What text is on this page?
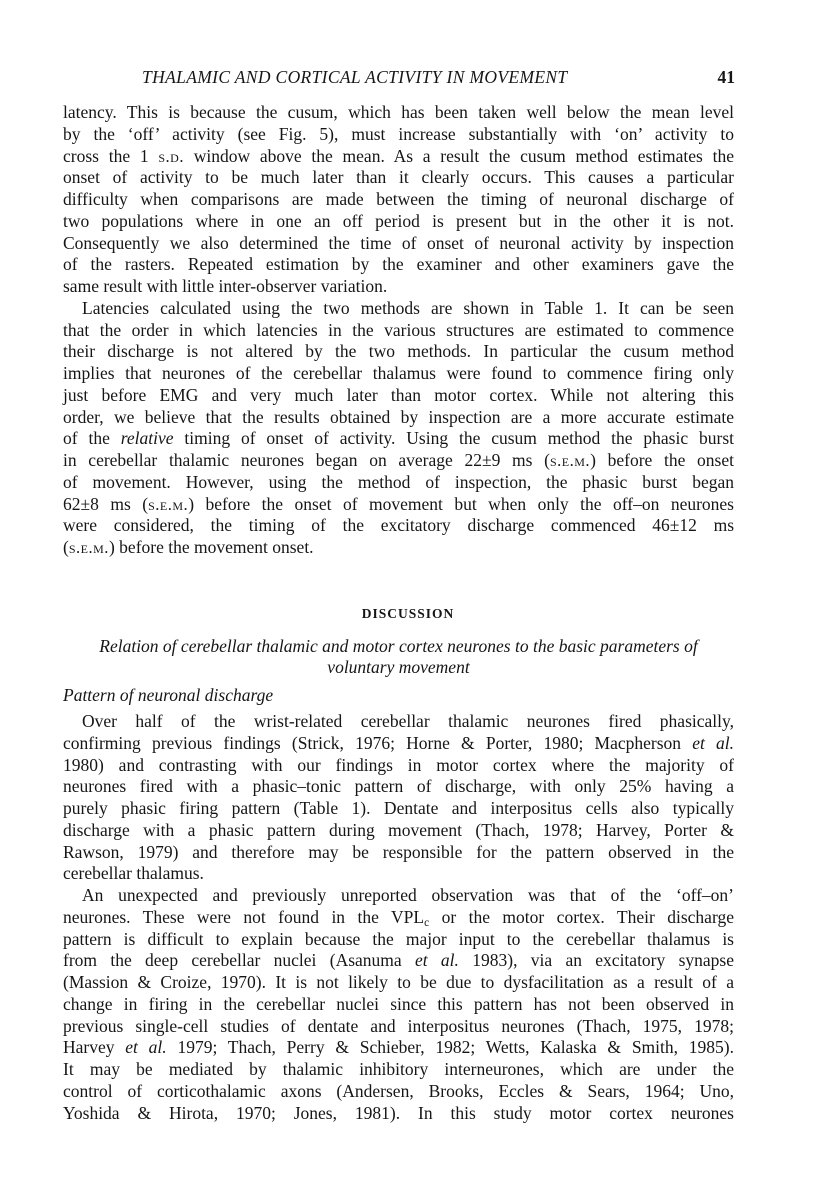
THALAMIC AND CORTICAL ACTIVITY IN MOVEMENT	41
latency. This is because the cusum, which has been taken well below the mean level
by the ‘off’ activity (see Fig. 5), must increase substantially with ‘on’ activity to
cross the 1 s.d. window above the mean. As a result the cusum method estimates the
onset of activity to be much later than it clearly occurs. This causes a particular
difficulty when comparisons are made between the timing of neuronal discharge of
two populations where in one an off period is present but in the other it is not.
Consequently we also determined the time of onset of neuronal activity by inspection
of the rasters. Repeated estimation by the examiner and other examiners gave the
same result with little inter-observer variation.
Latencies calculated using the two methods are shown in Table 1. It can be seen
that the order in which latencies in the various structures are estimated to commence
their discharge is not altered by the two methods. In particular the cusum method
implies that neurones of the cerebellar thalamus were found to commence firing only
just before EMG and very much later than motor cortex. While not altering this
order, we believe that the results obtained by inspection are a more accurate estimate
of the relative timing of onset of activity. Using the cusum method the phasic burst
in cerebellar thalamic neurones began on average 22±9 ms (s.e.m.) before the onset
of movement. However, using the method of inspection, the phasic burst began
62±8 ms (s.e.m.) before the onset of movement but when only the off–on neurones
were considered, the timing of the excitatory discharge commenced 46±12 ms
(s.e.m.) before the movement onset.
DISCUSSION
Relation of cerebellar thalamic and motor cortex neurones to the basic parameters of
voluntary movement
Pattern of neuronal discharge
Over half of the wrist-related cerebellar thalamic neurones fired phasically,
confirming previous findings (Strick, 1976; Horne & Porter, 1980; Macpherson et al.
1980) and contrasting with our findings in motor cortex where the majority of
neurones fired with a phasic–tonic pattern of discharge, with only 25% having a
purely phasic firing pattern (Table 1). Dentate and interpositus cells also typically
discharge with a phasic pattern during movement (Thach, 1978; Harvey, Porter &
Rawson, 1979) and therefore may be responsible for the pattern observed in the
cerebellar thalamus.
An unexpected and previously unreported observation was that of the ‘off–on’
neurones. These were not found in the $VPL_c$ or the motor cortex. Their discharge
pattern is difficult to explain because the major input to the cerebellar thalamus is
from the deep cerebellar nuclei (Asanuma et al. 1983), via an excitatory synapse
(Massion & Croize, 1970). It is not likely to be due to dysfacilitation as a result of a
change in firing in the cerebellar nuclei since this pattern has not been observed in
previous single-cell studies of dentate and interpositus neurones (Thach, 1975, 1978;
Harvey et al. 1979; Thach, Perry & Schieber, 1982; Wetts, Kalaska & Smith, 1985).
It may be mediated by thalamic inhibitory interneurones, which are under the
control of corticothalamic axons (Andersen, Brooks, Eccles & Sears, 1964; Uno,
Yoshida & Hirota, 1970; Jones, 1981). In this study motor cortex neurones
